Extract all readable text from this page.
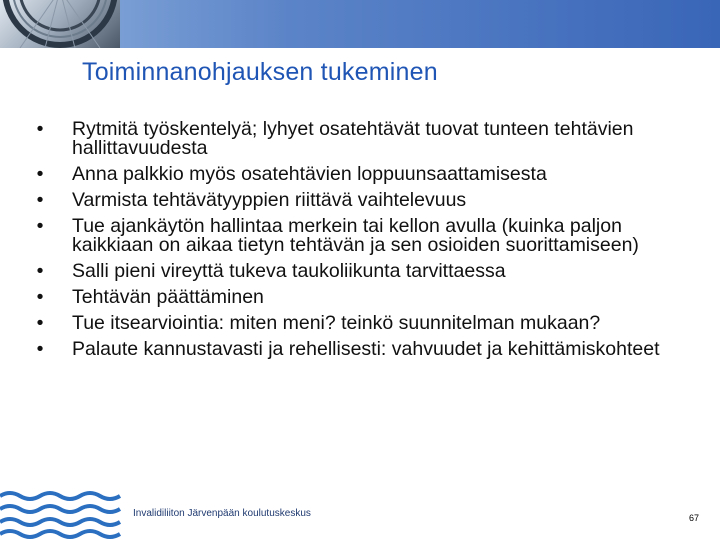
Toiminnanohjauksen tukeminen
•	Rytmitä työskentelyä; lyhyet osatehtävät tuovat tunteen tehtävien hallittavuudesta
•	Anna palkkio myös osatehtävien loppuunsaattamisesta
•	Varmista tehtävätyyppien riittävä vaihtelevuus
•	Tue ajankäytön hallintaa merkein tai kellon avulla (kuinka paljon kaikkiaan on aikaa tietyn tehtävän ja sen osioiden suorittamiseen)
•	Salli pieni vireyttä tukeva taukoliikunta tarvittaessa
•	Tehtävän päättäminen
•	Tue itsearviointia: miten meni? teinkö suunnitelman mukaan?
•	Palaute kannustavasti ja rehellisesti: vahvuudet ja kehittämiskohteet
Invalidiliiton Järvenpään koulutuskeskus	67
